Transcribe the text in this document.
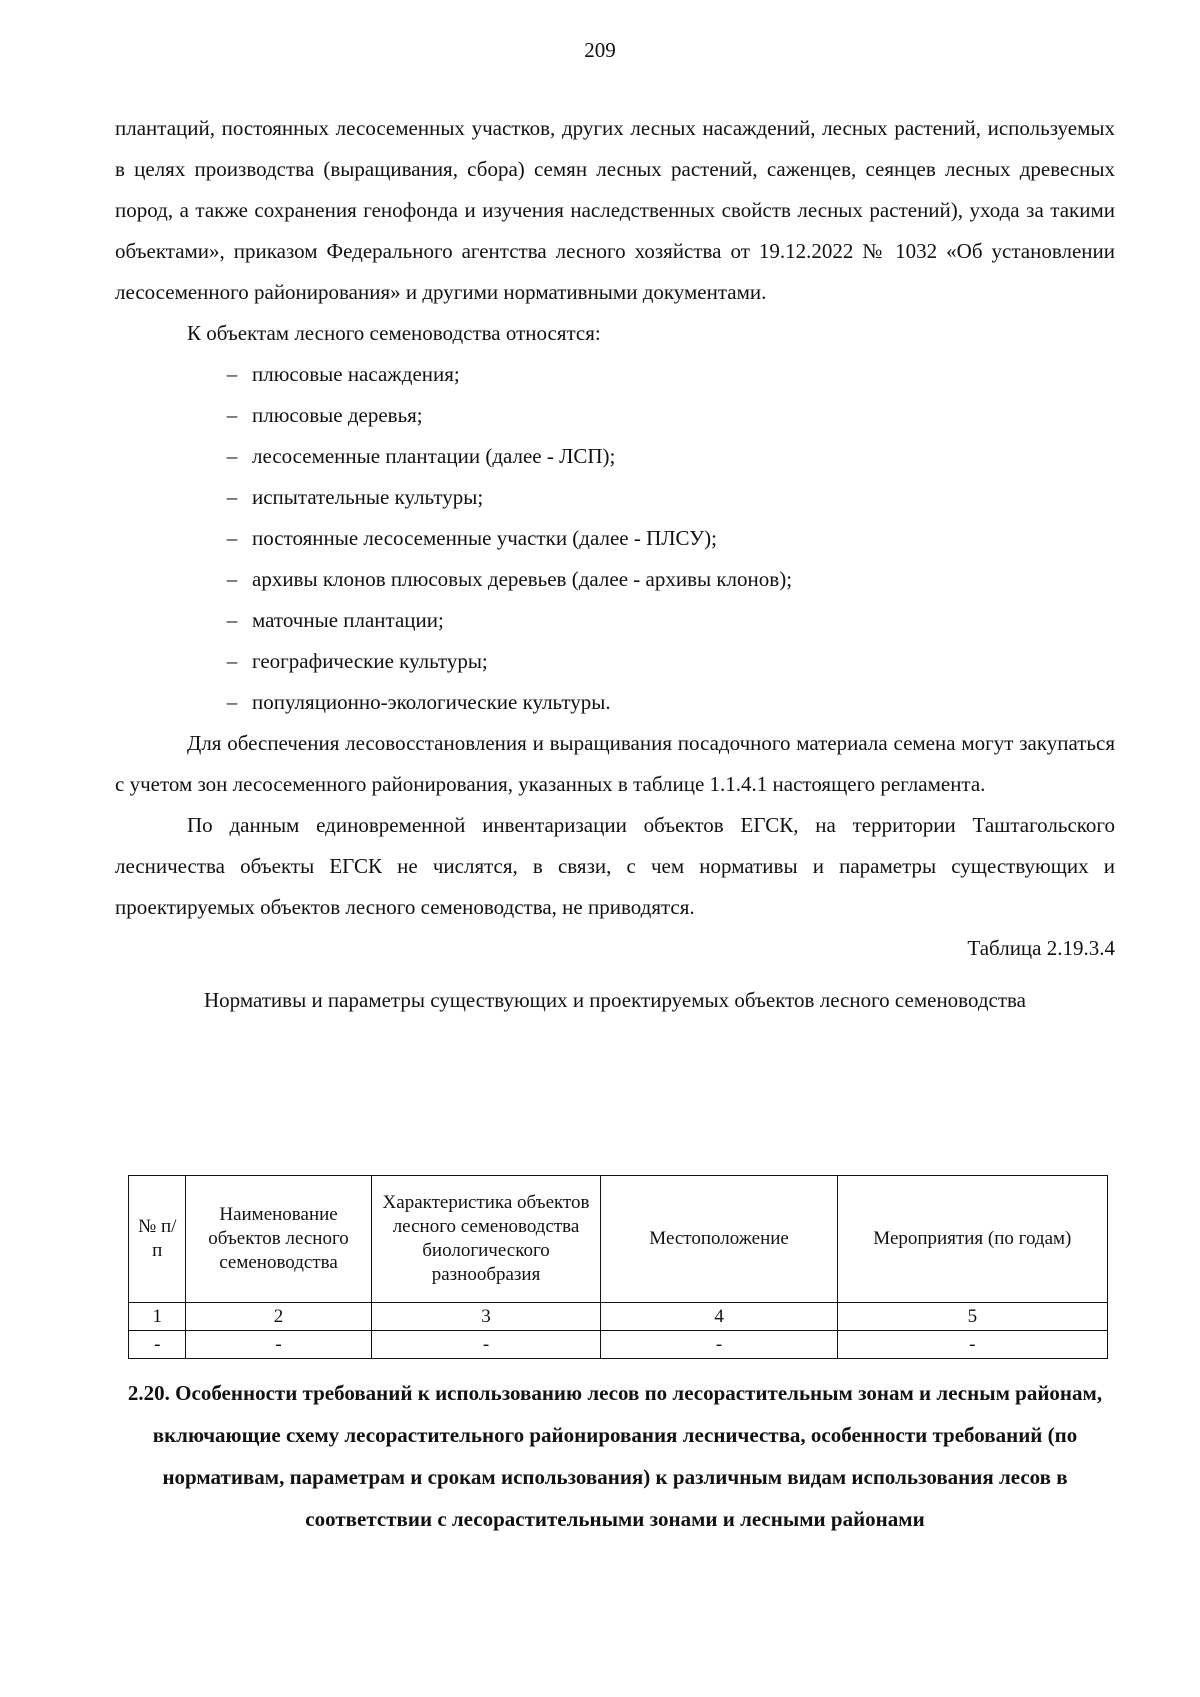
209

плантаций, постоянных лесосеменных участков, других лесных насаждений, лесных растений, используемых в целях производства (выращивания, сбора) семян лесных растений, саженцев, сеянцев лесных древесных пород, а также сохранения генофонда и изучения наследственных свойств лесных растений), ухода за такими объектами», приказом Федерального агентства лесного хозяйства от 19.12.2022 № 1032 «Об установлении лесосеменного районирования» и другими нормативными документами.

К объектам лесного семеноводства относятся:

– плюсовые насаждения;
– плюсовые деревья;
– лесосеменные плантации (далее - ЛСП);
– испытательные культуры;
– постоянные лесосеменные участки (далее - ПЛСУ);
– архивы клонов плюсовых деревьев (далее - архивы клонов);
– маточные плантации;
– географические культуры;
– популяционно-экологические культуры.

Для обеспечения лесовосстановления и выращивания посадочного материала семена могут закупаться с учетом зон лесосеменного районирования, указанных в таблице 1.1.4.1 настоящего регламента.

По данным единовременной инвентаризации объектов ЕГСК, на территории Таштагольского лесничества объекты ЕГСК не числятся, в связи, с чем нормативы и параметры существующих и проектируемых объектов лесного семеноводства, не приводятся.

Таблица 2.19.3.4

Нормативы и параметры существующих и проектируемых объектов лесного семеноводства

№ п/п	Наименование объектов лесного семеноводства	Характеристика объектов лесного семеноводства биологического разнообразия	Местоположение	Мероприятия (по годам)
1	2	3	4	5
-	-	-	-	-
2.20. Особенности требований к использованию лесов по лесорастительным зонам и лесным районам, включающие схему лесорастительного районирования лесничества, особенности требований (по нормативам, параметрам и срокам использования) к различным видам использования лесов в соответствии с лесорастительными зонами и лесными районами
